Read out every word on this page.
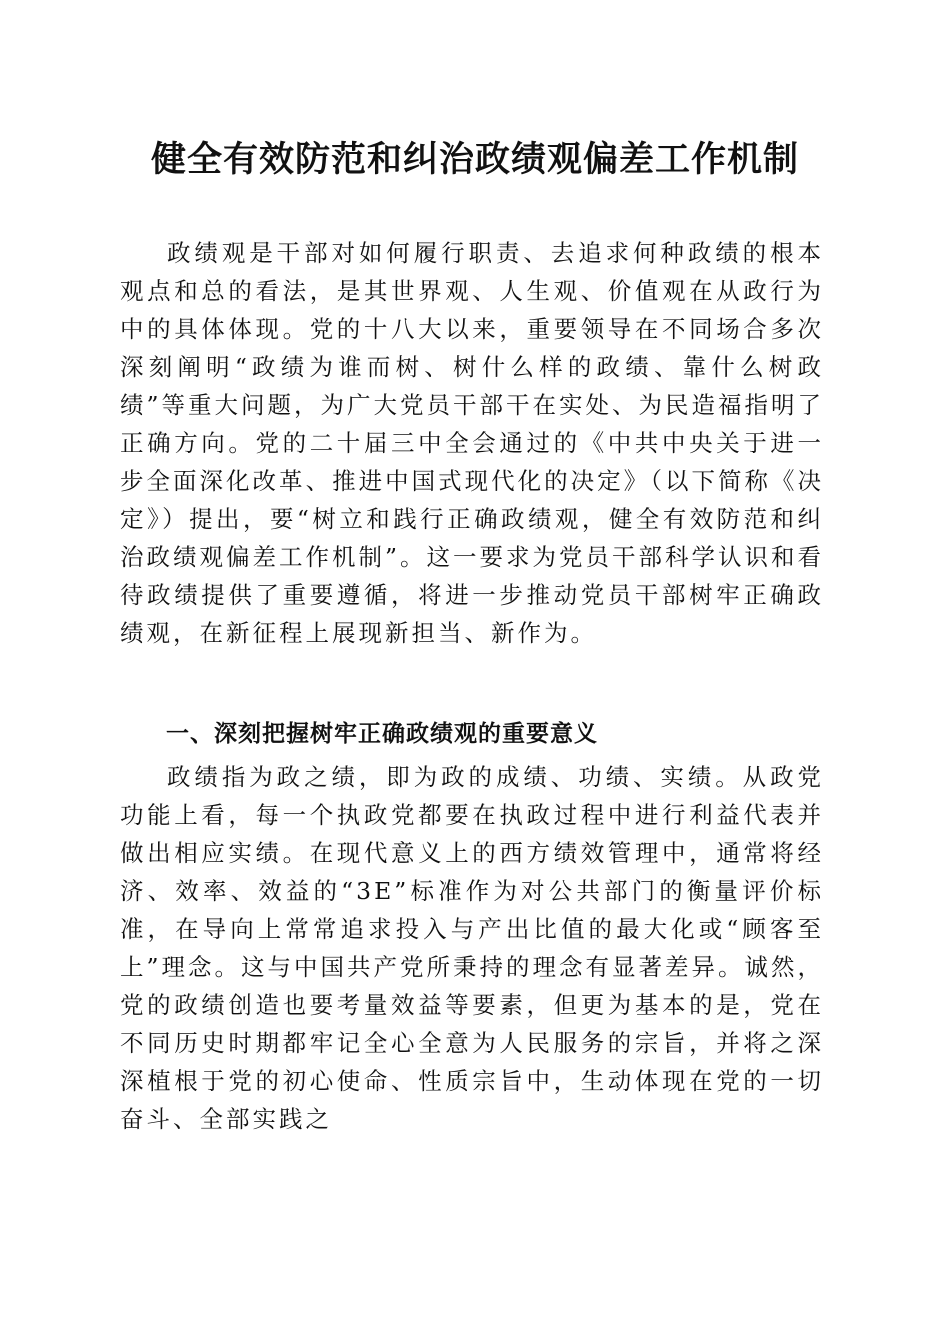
健全有效防范和纠治政绩观偏差工作机制

政绩观是干部对如何履行职责、去追求何种政绩的根本观点和总的看法，是其世界观、人生观、价值观在从政行为中的具体体现。党的十八大以来，重要领导在不同场合多次深刻阐明“政绩为谁而树、树什么样的政绩、靠什么树政绩”等重大问题，为广大党员干部干在实处、为民造福指明了正确方向。党的二十届三中全会通过的《中共中央关于进一步全面深化改革、推进中国式现代化的决定》（以下简称《决定》）提出，要“树立和践行正确政绩观，健全有效防范和纠治政绩观偏差工作机制”。这一要求为党员干部科学认识和看待政绩提供了重要遵循，将进一步推动党员干部树牢正确政绩观，在新征程上展现新担当、新作为。

一、深刻把握树牢正确政绩观的重要意义

政绩指为政之绩，即为政的成绩、功绩、实绩。从政党功能上看，每一个执政党都要在执政过程中进行利益代表并做出相应实绩。在现代意义上的西方绩效管理中，通常将经济、效率、效益的“3E”标准作为对公共部门的衡量评价标准，在导向上常常追求投入与产出比值的最大化或“顾客至上”理念。这与中国共产党所秉持的理念有显著差异。诚然，党的政绩创造也要考量效益等要素，但更为基本的是，党在不同历史时期都牢记全心全意为人民服务的宗旨，并将之深深植根于党的初心使命、性质宗旨中，生动体现在党的一切奋斗、全部实践之
